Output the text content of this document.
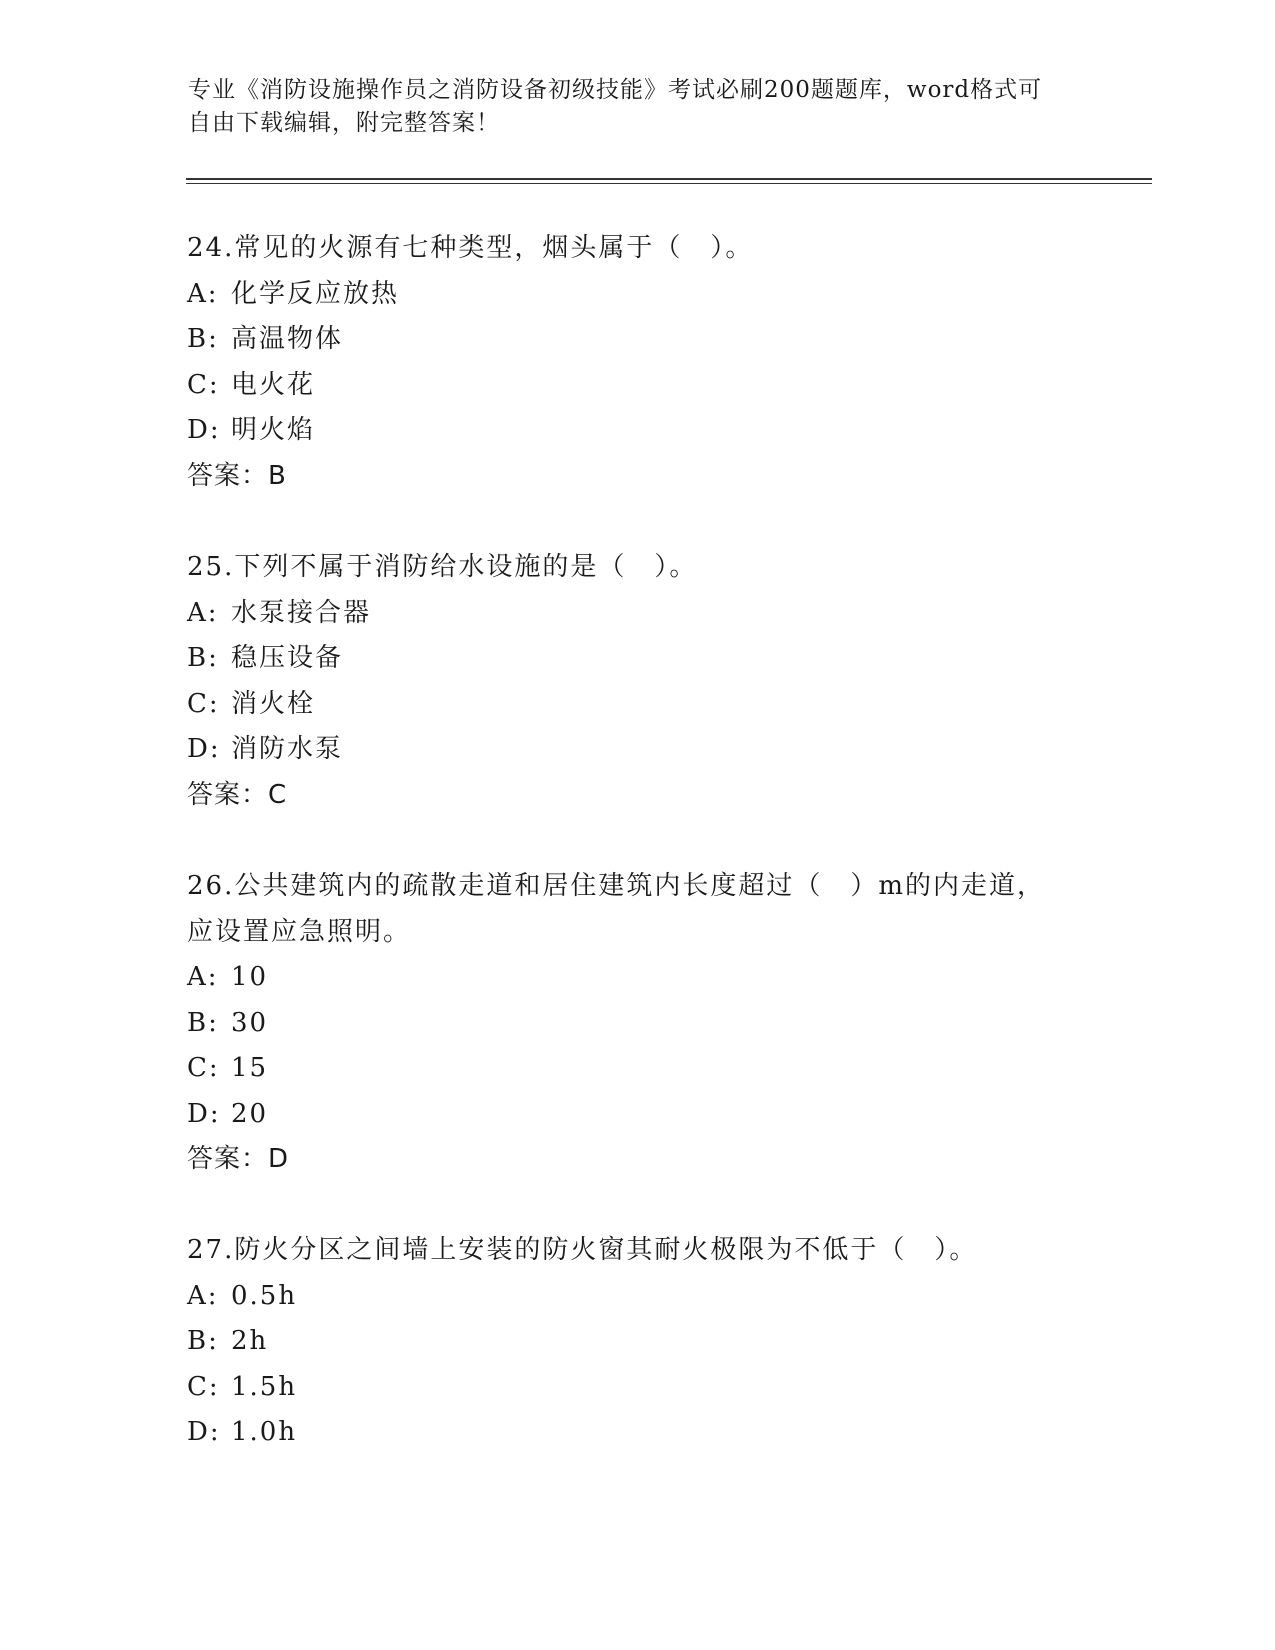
专业《消防设施操作员之消防设备初级技能》考试必刷200题题库，word格式可
自由下载编辑，附完整答案！
24.常见的火源有七种类型，烟头属于（　）。
A: 化学反应放热
B: 高温物体
C: 电火花
D: 明火焰
答案：B
25.下列不属于消防给水设施的是（　）。
A: 水泵接合器
B: 稳压设备
C: 消火栓
D: 消防水泵
答案：C
26.公共建筑内的疏散走道和居住建筑内长度超过（　）m的内走道，
应设置应急照明。
A: 10
B: 30
C: 15
D: 20
答案：D
27.防火分区之间墙上安装的防火窗其耐火极限为不低于（　）。
A: 0.5h
B: 2h
C: 1.5h
D: 1.0h
